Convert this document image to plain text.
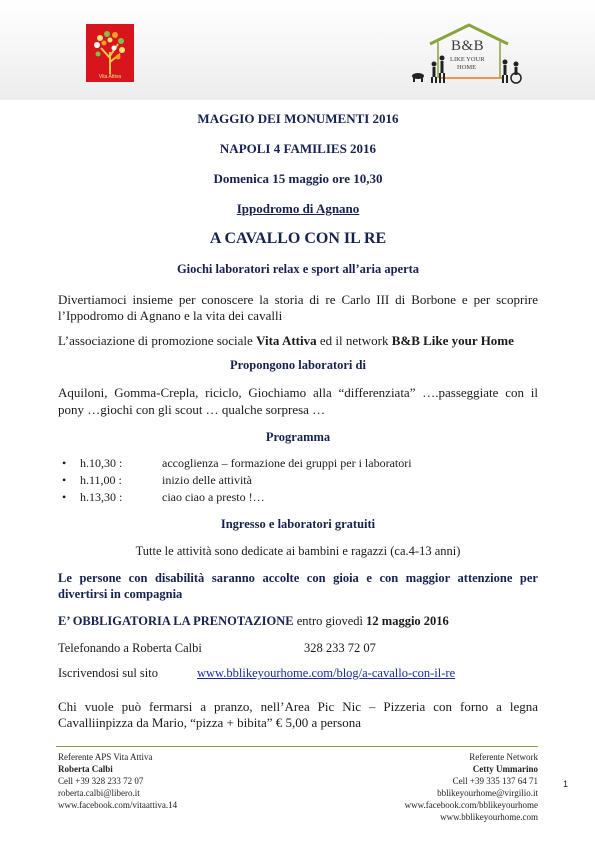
Vita Attiva
B&B
LIKE YOUR
HOME
MAGGIO DEI MONUMENTI 2016
NAPOLI 4 FAMILIES 2016
Domenica 15 maggio ore 10,30
Ippodromo di Agnano
A CAVALLO CON IL RE
Giochi laboratori relax e sport all’aria aperta
Divertiamoci insieme per conoscere la storia di re Carlo III di Borbone e per scoprire
l’Ippodromo di Agnano e la vita dei cavalli
L’associazione di promozione sociale Vita Attiva ed il network B&B Like your Home
Propongono laboratori di
Aquiloni, Gomma-Crepla, riciclo, Giochiamo alla “differenziata” ….passeggiate con il
pony …giochi con gli scout … qualche sorpresa …
Programma
• h.10,30 :	accoglienza – formazione dei gruppi per i laboratori
• h.11,00 :	inizio delle attività
• h.13,30 :	ciao ciao a presto !…
Ingresso e laboratori gratuiti
Tutte le attività sono dedicate ai bambini e ragazzi (ca.4-13 anni)
Le persone con disabilità saranno accolte con gioia e con maggior attenzione per
divertirsi in compagnia
E’ OBBLIGATORIA LA PRENOTAZIONE entro giovedì 12 maggio 2016
Telefonando a Roberta Calbi	328 233 72 07
Iscrivendosi sul sito	www.bblikeyourhome.com/blog/a-cavallo-con-il-re
Chi vuole può fermarsi a pranzo, nell’Area Pic Nic – Pizzeria con forno a legna
Cavalliinpizza da Mario, “pizza + bibita” € 5,00 a persona
Referente APS Vita Attiva
Roberta Calbi
Cell +39 328 233 72 07
roberta.calbi@libero.it
www.facebook.com/vitaattiva.14
Referente Network
Cetty Ummarino
Cell +39 335 137 64 71
bblikeyourhome@virgilio.it
www.facebook.com/bblikeyourhome
www.bblikeyourhome.com
1
